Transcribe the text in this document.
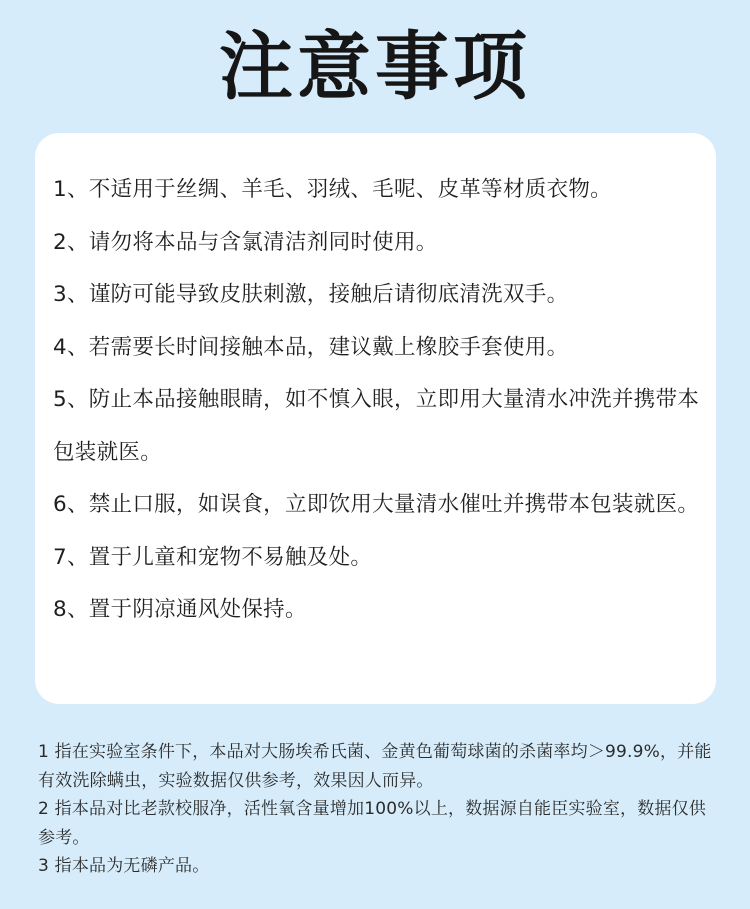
注意事项
1、不适用于丝绸、羊毛、羽绒、毛呢、皮革等材质衣物。
2、请勿将本品与含氯清洁剂同时使用。
3、谨防可能导致皮肤刺激，接触后请彻底清洗双手。
4、若需要长时间接触本品，建议戴上橡胶手套使用。
5、防止本品接触眼睛，如不慎入眼，立即用大量清水冲洗并携带本包装就医。
6、禁止口服，如误食，立即饮用大量清水催吐并携带本包装就医。
7、置于儿童和宠物不易触及处。
8、置于阴凉通风处保持。
1 指在实验室条件下，本品对大肠埃希氏菌、金黄色葡萄球菌的杀菌率均＞99.9%，并能有效洗除螨虫，实验数据仅供参考，效果因人而异。
2 指本品对比老款校服净，活性氧含量增加100%以上，数据源自能臣实验室，数据仅供参考。
3 指本品为无磷产品。
